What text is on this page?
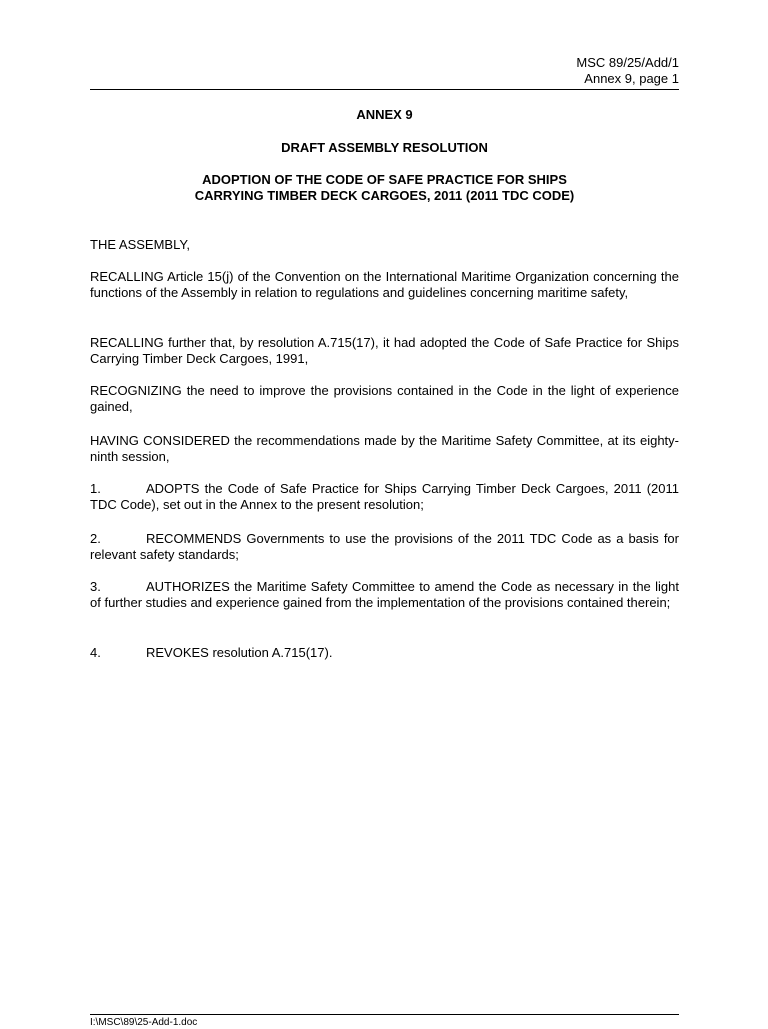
MSC 89/25/Add/1
Annex 9, page 1
ANNEX 9
DRAFT ASSEMBLY RESOLUTION
ADOPTION OF THE CODE OF SAFE PRACTICE FOR SHIPS
CARRYING TIMBER DECK CARGOES, 2011 (2011 TDC CODE)

THE ASSEMBLY,

RECALLING Article 15(j) of the Convention on the International Maritime Organization concerning the functions of the Assembly in relation to regulations and guidelines concerning maritime safety,

RECALLING further that, by resolution A.715(17), it had adopted the Code of Safe Practice for Ships Carrying Timber Deck Cargoes, 1991,

RECOGNIZING the need to improve the provisions contained in the Code in the light of experience gained,

HAVING CONSIDERED the recommendations made by the Maritime Safety Committee, at its eighty-ninth session,

1.	ADOPTS the Code of Safe Practice for Ships Carrying Timber Deck Cargoes, 2011 (2011 TDC Code), set out in the Annex to the present resolution;

2.	RECOMMENDS Governments to use the provisions of the 2011 TDC Code as a basis for relevant safety standards;

3.	AUTHORIZES the Maritime Safety Committee to amend the Code as necessary in the light of further studies and experience gained from the implementation of the provisions contained therein;

4.	REVOKES resolution A.715(17).

I:\MSC\89\25-Add-1.doc
